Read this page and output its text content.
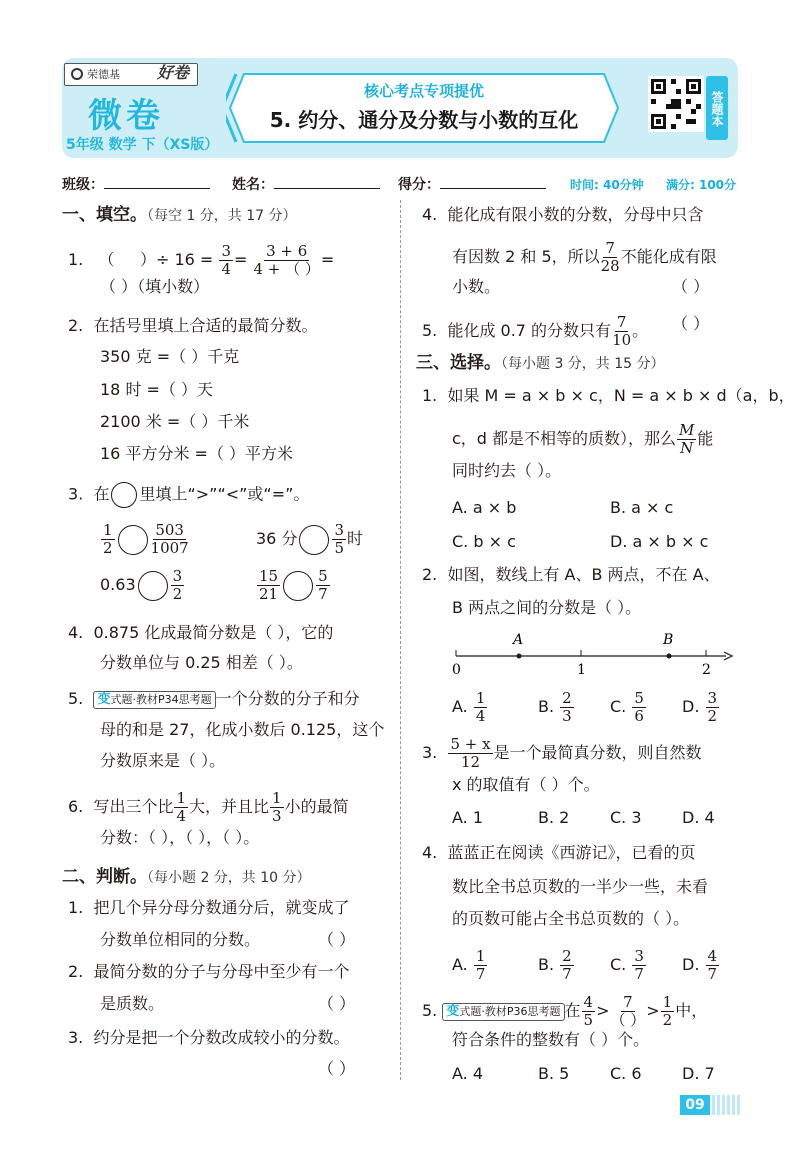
荣德基 好卷
微卷
5年级 数学 下（XS版）
核心考点专项提优
5. 约分、通分及分数与小数的互化	答题本
班级：	姓名：	得分：	时间: 40分钟 满分: 100分
一、填空。（每空 1 分，共 17 分）
1. （ ）÷ $16 = \frac{3}{4} = \frac{3 + 6}{4 + ( )}$ =
（ ）（填小数）
2. 在括号里填上合适的最简分数。
350 克 =（ ）千克
18 时 =（ ）天
2100 米 =（ ）千米
16 平方分米 =（ ）平方米
3. 在 里填上“>”“<”或“=”。
$\frac{1}{2} \frac{503}{1007}$	36 分 $\frac{3}{5}$ 时
$0.63 \frac{3}{2}$	$\frac{15}{21} \frac{5}{7}$
4. 0.875 化成最简分数是（ ），它的
分数单位与 0.25 相差（ ）。
5. 变式题·教材P34思考题 一个分数的分子和分
母的和是 27，化成小数后 0.125，这个
分数原来是（ ）。
6. 写出三个比 $\frac{1}{4}$ 大，并且比 $\frac{1}{3}$ 小的最简
分数：（ ），（ ），（ ）。
二、判断。（每小题 2 分，共 10 分）
1. 把几个异分母分数通分后，就变成了
分数单位相同的分数。	（ ）
2. 最简分数的分子与分母中至少有一个
是质数。	（ ）
3. 约分是把一个分数改成较小的分数。
（ ）
4. 能化成有限小数的分数，分母中只含
有因数 2 和 5，所以 $\frac{7}{28}$ 不能化成有限
小数。	（ ）
5. 能化成 0.7 的分数只有 $\frac{7}{10}$ 。 （ ）
三、选择。（每小题 3 分，共 15 分）
1. 如果 M = a × b × c，N = a × b × d（a，b，
c，d 都是不相等的质数），那么 $\frac{M}{N}$ 能
同时约去（ ）。
A. a × b	B. a × c
C. b × c	D. a × b × c
2. 如图，数线上有 A、B 两点，不在 A、
B 两点之间的分数是（ ）。
A	B
0	1	2
A. $\frac{1}{4}$	B. $\frac{2}{3} C$. $\frac{5}{6} D$. $\frac{3}{2}$
3. $\frac{5 + x}{12}$ 是一个最简真分数，则自然数
x 的取值有（ ）个。
A. 1	B. 2	C. 3	D. 4
4. 蓝蓝正在阅读《西游记》，已看的页
数比全书总页数的一半少一些，未看
的页数可能占全书总页数的（ ）。
A. $\frac{1}{7}$	B. $\frac{2}{7} C$. $\frac{3}{7} D$. $\frac{4}{7}$
5. 变式题·教材P36思考题 在 $\frac{4}{5} > \frac{7}{( )} > \frac{1}{2}$ 中，
符合条件的整数有（ ）个。
A. 4	B. 5	C. 6	D. 7
09
